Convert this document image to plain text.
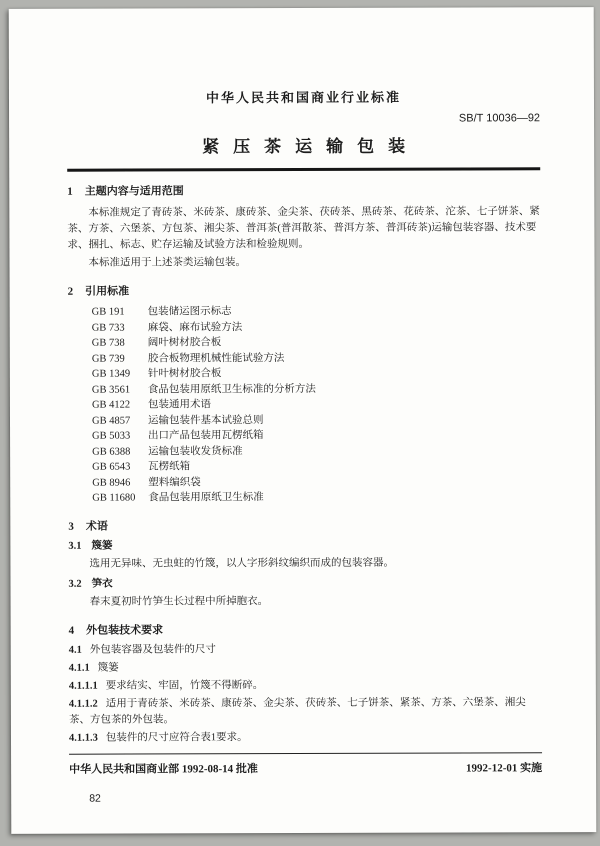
中华人民共和国商业行业标准
SB/T 10036—92
紧压茶运输包装
1 主题内容与适用范围

本标准规定了青砖茶、米砖茶、康砖茶、金尖茶、茯砖茶、黑砖茶、花砖茶、沱茶、七子饼茶、紧茶、方茶、六堡茶、方包茶、湘尖茶、普洱茶(普洱散茶、普洱方茶、普洱砖茶)运输包装容器、技术要求、捆扎、标志、贮存运输及试验方法和检验规则。

本标准适用于上述茶类运输包装。

2 引用标准
GB 191	包装储运图示标志
GB 733	麻袋、麻布试验方法
GB 738	阔叶树材胶合板
GB 739	胶合板物理机械性能试验方法
GB 1349	针叶树材胶合板
GB 3561	食品包装用原纸卫生标准的分析方法
GB 4122	包装通用术语
GB 4857	运输包装件基本试验总则
GB 5033	出口产品包装用瓦楞纸箱
GB 6388	运输包装收发货标准
GB 6543	瓦楞纸箱
GB 8946	塑料编织袋
GB 11680	食品包装用原纸卫生标准
3 术语
3.1 篾篓

选用无异味、无虫蛀的竹篾，以人字形斜纹编织而成的包装容器。

3.2 笋衣

春末夏初时竹笋生长过程中所掉胞衣。

4 外包装技术要求
4.1 外包装容器及包装件的尺寸
4.1.1 篾篓
4.1.1.1 要求结实、牢固，竹篾不得断碎。
4.1.1.2 适用于青砖茶、米砖茶、康砖茶、金尖茶、茯砖茶、七子饼茶、紧茶、方茶、六堡茶、湘尖茶、方包茶的外包装。
4.1.1.3 包装件的尺寸应符合表1要求。
中华人民共和国商业部 1992-08-14 批准	1992-12-01 实施
82
